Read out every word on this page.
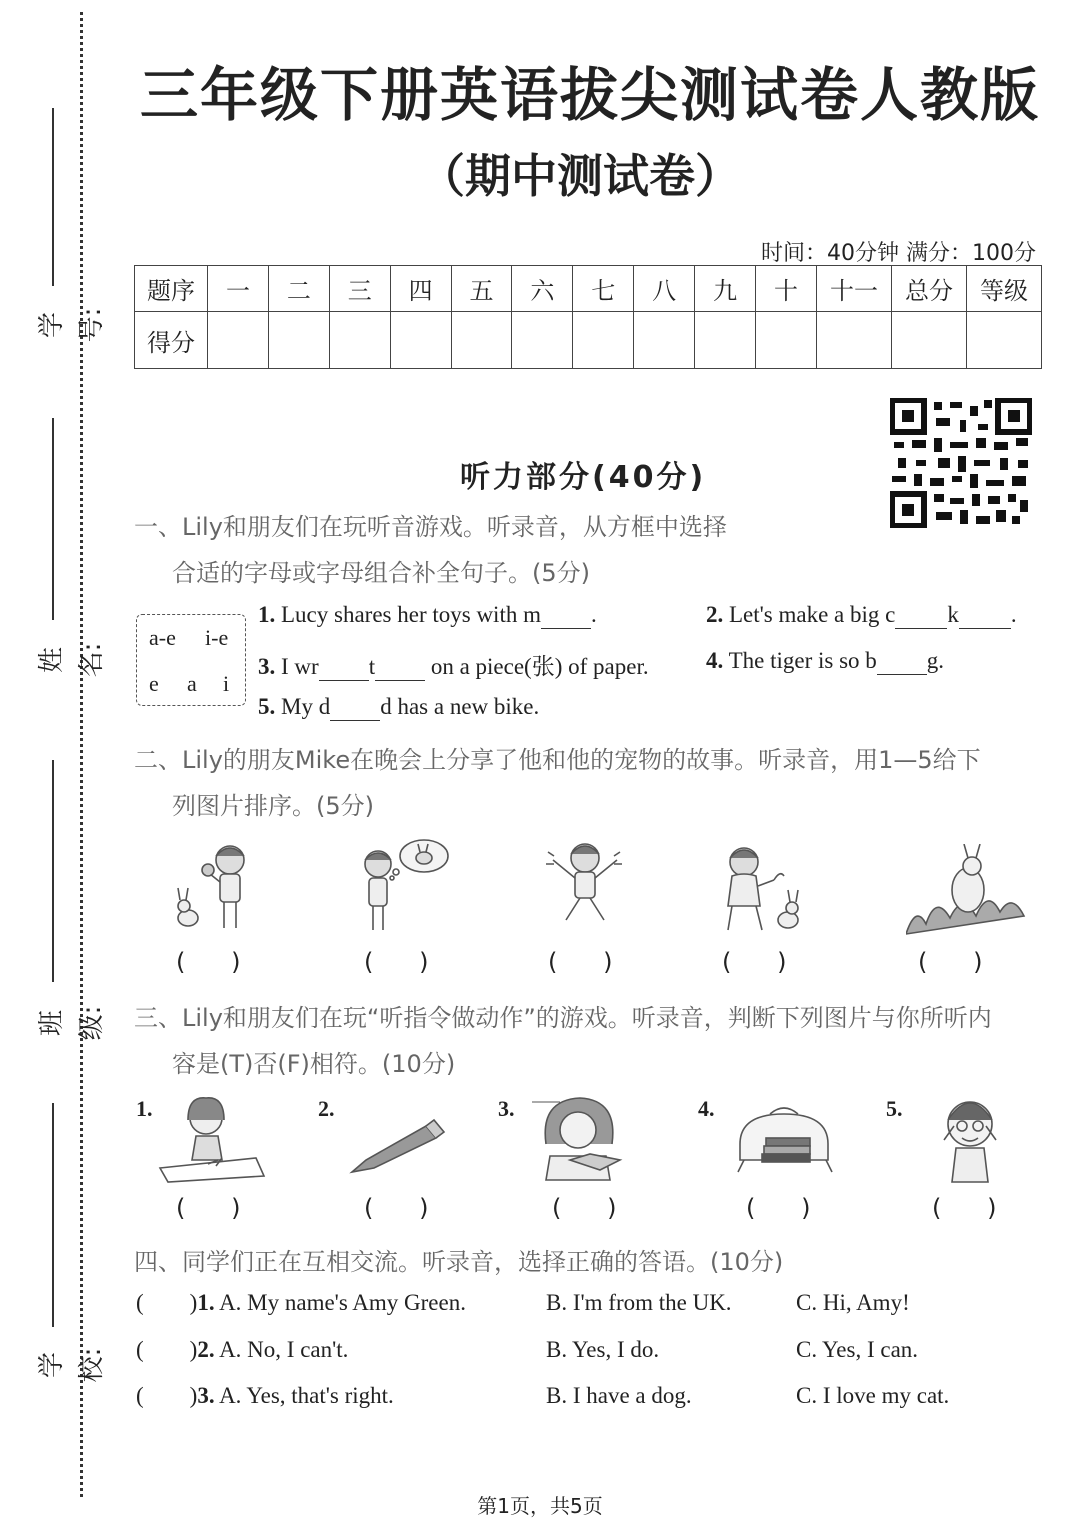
学号:
姓名:
班级:
学校:
三年级下册英语拔尖测试卷人教版
（期中测试卷）
时间：40分钟 满分：100分
题序	一	二	三	四	五	六	七	八	九	十	十一	总分	等级
得分													
听力部分(40分)
一、Lily和朋友们在玩听音游戏。听录音，从方框中选择
合适的字母或字母组合补全句子。(5分)
a-e i-e
e a i
1. Lucy shares her toys with m .	2. Let's make a big c k .
3. I wr t on a piece(张) of paper. 4. The tiger is so b g.
5. My d d has a new bike.
二、Lily的朋友Mike在晚会上分享了他和他的宠物的故事。听录音，用1—5给下
列图片排序。(5分)
(      )	(      )	(      )	(      )	(      )
三、Lily和朋友们在玩“听指令做动作”的游戏。听录音，判断下列图片与你所听内
容是(T)否(F)相符。(10分)
1.	2.	3.	4.	5.
(      )	(      )	(      )	(      )	(      )
四、同学们正在互相交流。听录音，选择正确的答语。(10分)
(        )1. A. My name's Amy Green.	B. I'm from the UK.	C. Hi, Amy!
(        )2. A. No, I can't.	B. Yes, I do.	C. Yes, I can.
(        )3. A. Yes, that's right.	B. I have a dog.	C. I love my cat.
第1页，共5页
